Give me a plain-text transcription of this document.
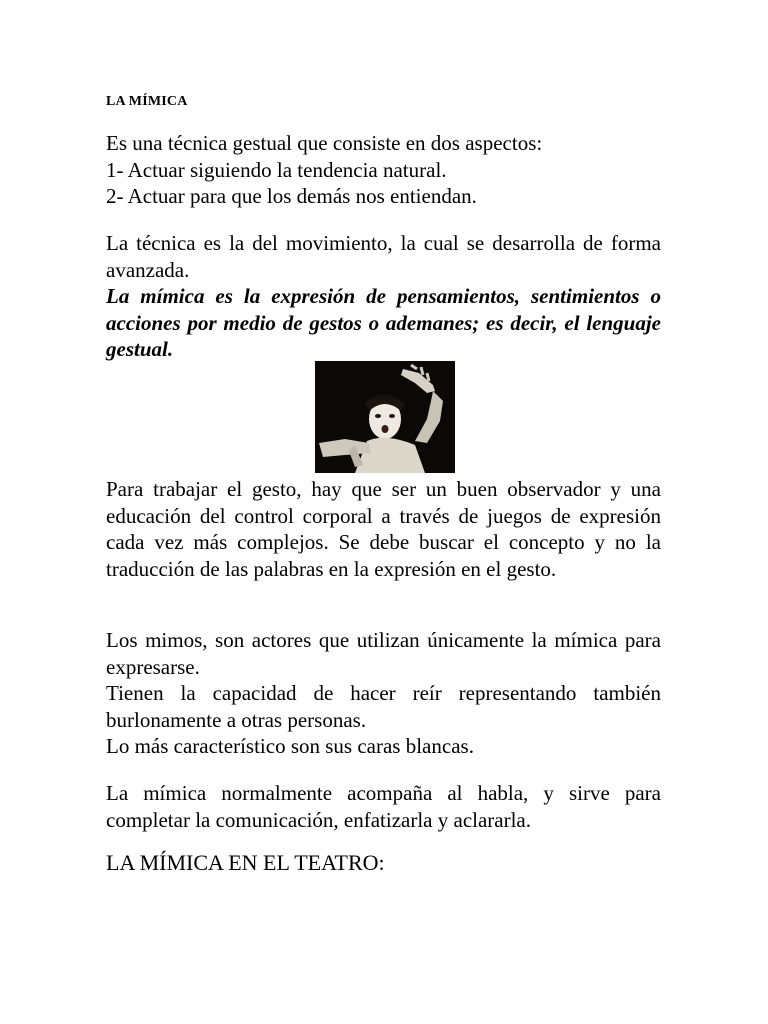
LA MÍMICA

Es una técnica gestual que consiste en dos aspectos:

1- Actuar siguiendo la tendencia natural.

2- Actuar para que los demás nos entiendan.

La técnica es la del movimiento, la cual se desarrolla de forma avanzada.

La mímica es la expresión de pensamientos, sentimientos o acciones por medio de gestos o ademanes; es decir, el lenguaje gestual.

Para trabajar el gesto, hay que ser un buen observador y una educación del control corporal a través de juegos de expresión cada vez más complejos. Se debe buscar el concepto y no la traducción de las palabras en la expresión en el gesto.

Los mimos, son actores que utilizan únicamente la mímica para expresarse.

Tienen la capacidad de hacer reír representando también burlonamente a otras personas.

Lo más característico son sus caras blancas.

La mímica normalmente acompaña al habla, y sirve para completar la comunicación, enfatizarla y aclararla.

LA MÍMICA EN EL TEATRO:
